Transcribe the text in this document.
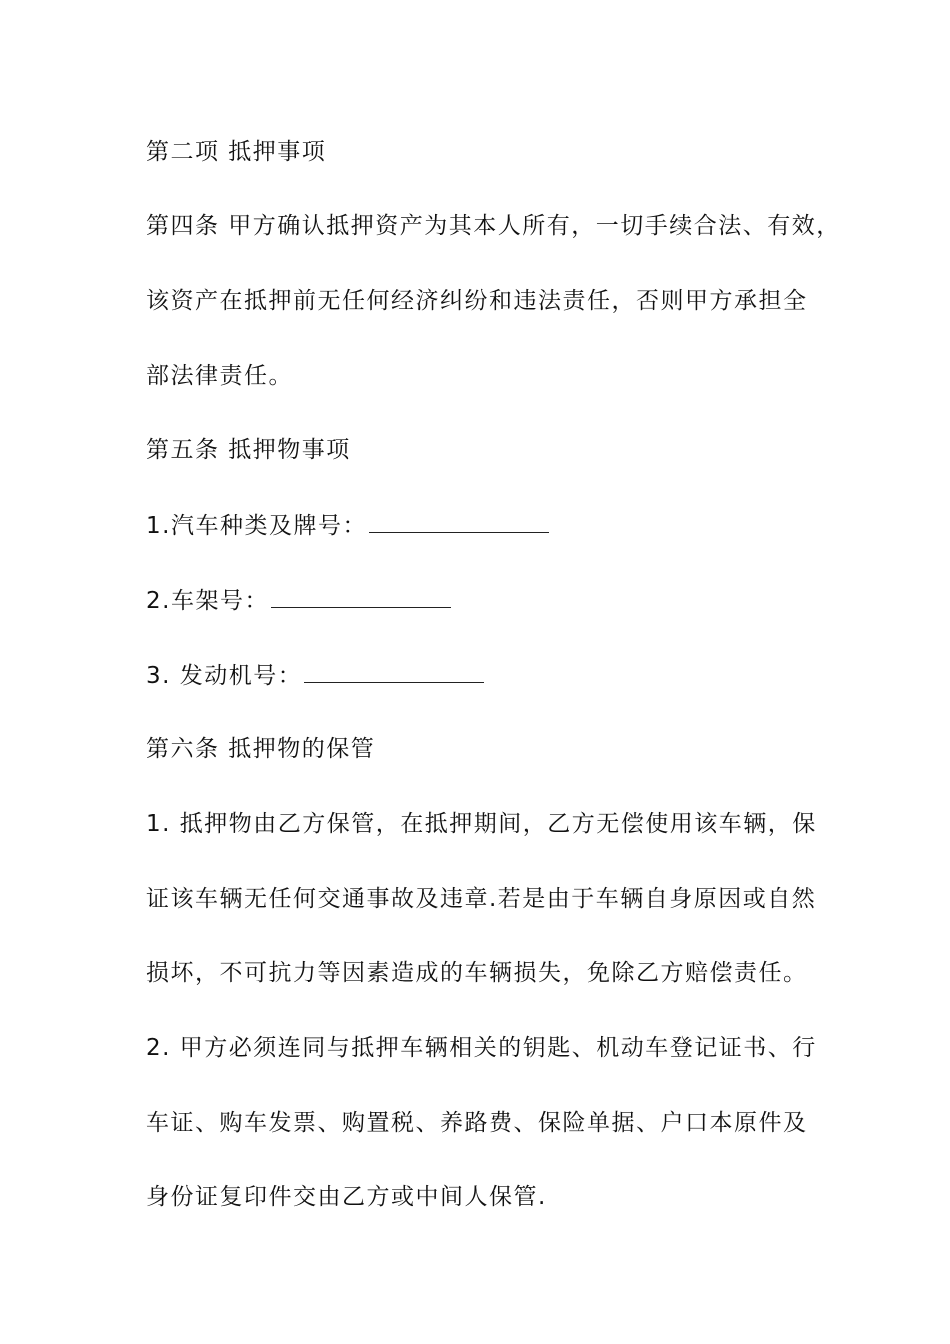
第二项 抵押事项
第四条 甲方确认抵押资产为其本人所有，一切手续合法、有效，
该资产在抵押前无任何经济纠纷和违法责任，否则甲方承担全
部法律责任。
第五条 抵押物事项
1.汽车种类及牌号：
2.车架号：
3. 发动机号：
第六条 抵押物的保管
1. 抵押物由乙方保管，在抵押期间，乙方无偿使用该车辆，保
证该车辆无任何交通事故及违章.若是由于车辆自身原因或自然
损坏，不可抗力等因素造成的车辆损失，免除乙方赔偿责任。
2. 甲方必须连同与抵押车辆相关的钥匙、机动车登记证书、行
车证、购车发票、购置税、养路费、保险单据、户口本原件及
身份证复印件交由乙方或中间人保管.
